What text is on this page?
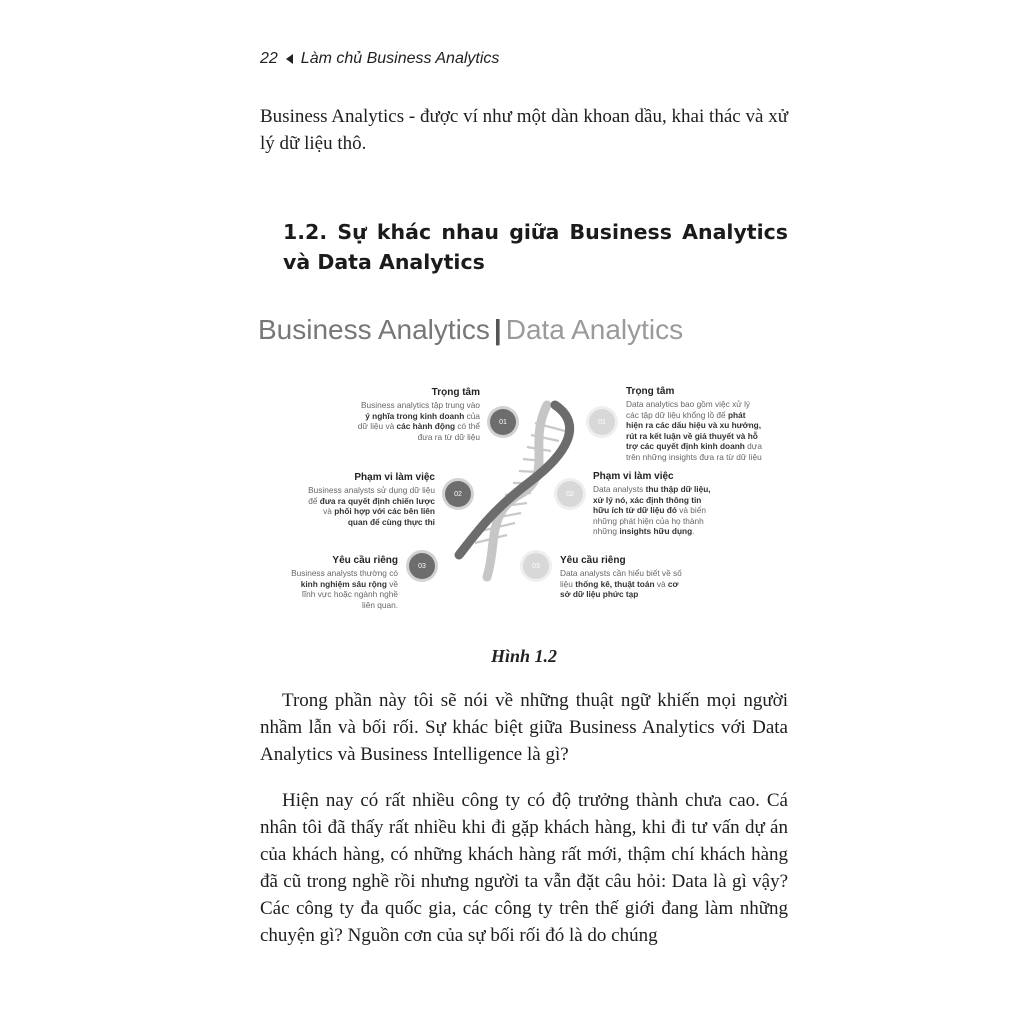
22 Làm chủ Business Analytics
Business Analytics - được ví như một dàn khoan dầu, khai thác và xử lý dữ liệu thô.
1.2. Sự khác nhau giữa Business Analytics và Data Analytics
Business Analytics | Data Analytics
Trọng tâm
Business analytics tập trung vào
ý nghĩa trong kinh doanh của
dữ liệu và các hành động có thể
đưa ra từ dữ liệu
01
Phạm vi làm việc
Business analysts sử dụng dữ liệu
để đưa ra quyết định chiến lược
và phối hợp với các bên liên
quan để cùng thực thi
02
Yêu cầu riêng
Business analysts thường có
kinh nghiệm sâu rộng về
lĩnh vực hoặc ngành nghề
liên quan.
03
01
Trọng tâm
Data analytics bao gồm việc xử lý
các tập dữ liệu khổng lồ để phát
hiện ra các dấu hiệu và xu hướng,
rút ra kết luận về giả thuyết và hỗ
trợ các quyết định kinh doanh dựa
trên những insights đưa ra từ dữ liệu
02
Phạm vi làm việc
Data analysts thu thập dữ liệu,
xử lý nó, xác định thông tin
hữu ích từ dữ liệu đó và biến
những phát hiện của họ thành
những insights hữu dụng.
03	Yêu cầu riêng
Data analysts cần hiểu biết về số
liệu thống kê, thuật toán và cơ
sở dữ liệu phức tạp
Hình 1.2
Trong phần này tôi sẽ nói về những thuật ngữ khiến mọi người nhầm lẫn và bối rối. Sự khác biệt giữa Business Analytics với Data Analytics và Business Intelligence là gì?
Hiện nay có rất nhiều công ty có độ trưởng thành chưa cao. Cá nhân tôi đã thấy rất nhiều khi đi gặp khách hàng, khi đi tư vấn dự án của khách hàng, có những khách hàng rất mới, thậm chí khách hàng đã cũ trong nghề rồi nhưng người ta vẫn đặt câu hỏi: Data là gì vậy? Các công ty đa quốc gia, các công ty trên thế giới đang làm những chuyện gì? Nguồn cơn của sự bối rối đó là do chúng
